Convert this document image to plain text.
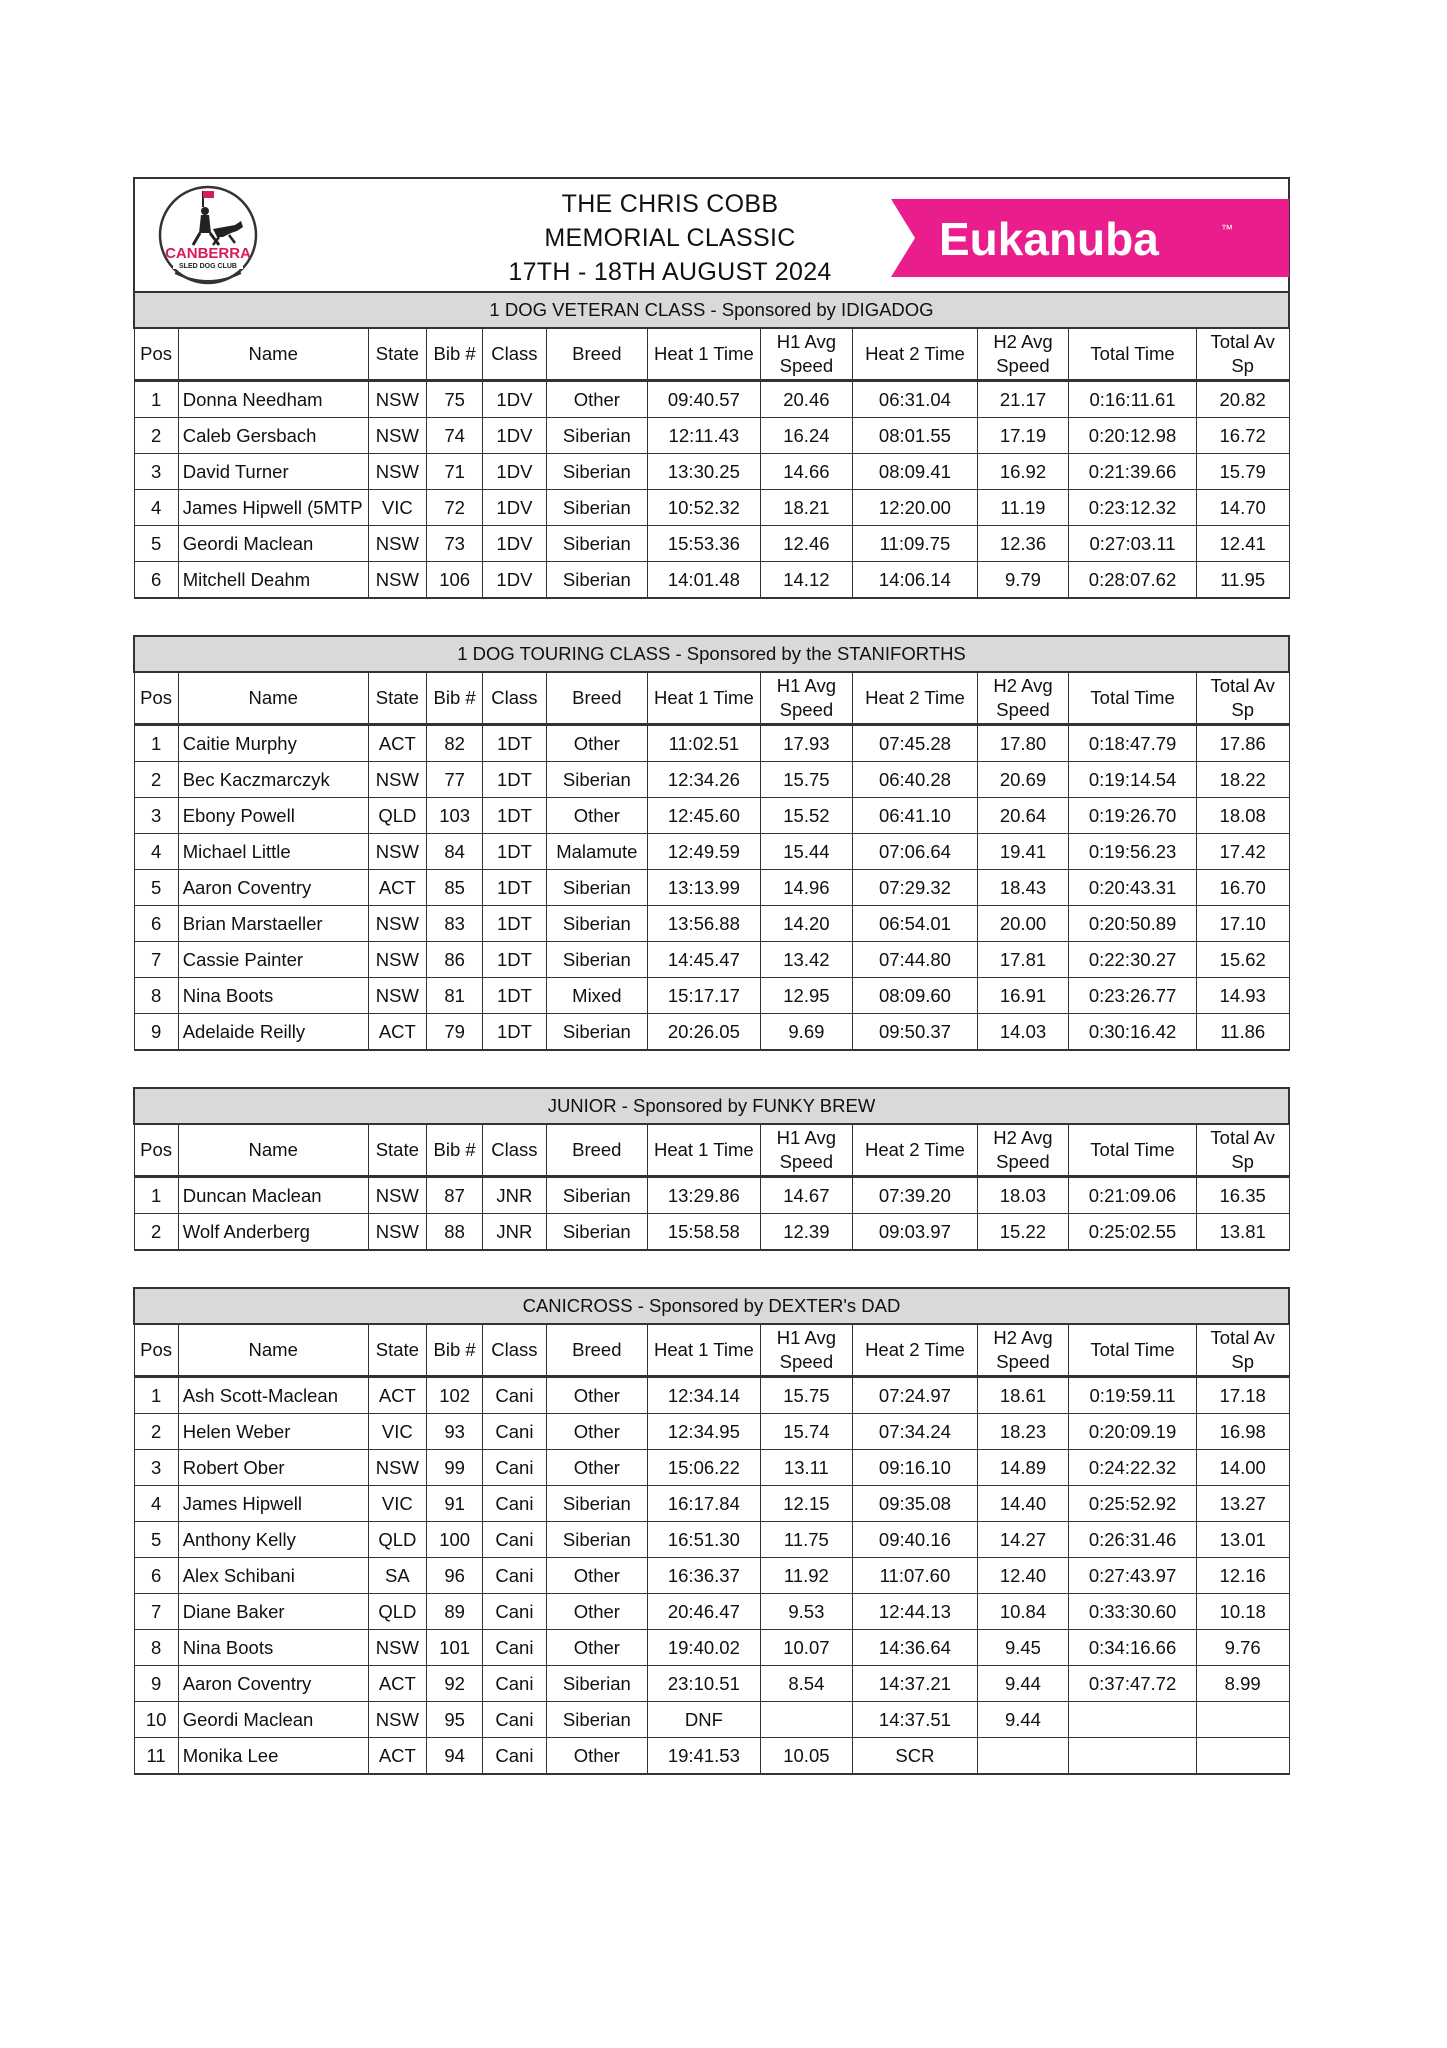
CANBERRA
SLED DOG CLUB
THE CHRIS COBB
MEMORIAL CLASSIC
17TH - 18TH AUGUST 2024
Eukanuba	™
1 DOG VETERAN CLASS - Sponsored by IDIGADOG											
Pos	Name	State	Bib #	Class	Breed	Heat 1 Time	H1 Avg Speed	Heat 2 Time	H2 Avg Speed	Total Time	Total Av Sp
1	Donna Needham	NSW	75	1DV	Other	09:40.57	20.46	06:31.04	21.17	0:16:11.61	20.82
2	Caleb Gersbach	NSW	74	1DV	Siberian	12:11.43	16.24	08:01.55	17.19	0:20:12.98	16.72
3	David Turner	NSW	71	1DV	Siberian	13:30.25	14.66	08:09.41	16.92	0:21:39.66	15.79
4	James Hipwell (5MTP	VIC	72	1DV	Siberian	10:52.32	18.21	12:20.00	11.19	0:23:12.32	14.70
5	Geordi Maclean	NSW	73	1DV	Siberian	15:53.36	12.46	11:09.75	12.36	0:27:03.11	12.41
6	Mitchell Deahm	NSW	106	1DV	Siberian	14:01.48	14.12	14:06.14	9.79	0:28:07.62	11.95
1 DOG TOURING CLASS - Sponsored by the STANIFORTHS											
Pos	Name	State	Bib #	Class	Breed	Heat 1 Time	H1 Avg Speed	Heat 2 Time	H2 Avg Speed	Total Time	Total Av Sp
1	Caitie Murphy	ACT	82	1DT	Other	11:02.51	17.93	07:45.28	17.80	0:18:47.79	17.86
2	Bec Kaczmarczyk	NSW	77	1DT	Siberian	12:34.26	15.75	06:40.28	20.69	0:19:14.54	18.22
3	Ebony Powell	QLD	103	1DT	Other	12:45.60	15.52	06:41.10	20.64	0:19:26.70	18.08
4	Michael Little	NSW	84	1DT	Malamute	12:49.59	15.44	07:06.64	19.41	0:19:56.23	17.42
5	Aaron Coventry	ACT	85	1DT	Siberian	13:13.99	14.96	07:29.32	18.43	0:20:43.31	16.70
6	Brian Marstaeller	NSW	83	1DT	Siberian	13:56.88	14.20	06:54.01	20.00	0:20:50.89	17.10
7	Cassie Painter	NSW	86	1DT	Siberian	14:45.47	13.42	07:44.80	17.81	0:22:30.27	15.62
8	Nina Boots	NSW	81	1DT	Mixed	15:17.17	12.95	08:09.60	16.91	0:23:26.77	14.93
9	Adelaide Reilly	ACT	79	1DT	Siberian	20:26.05	9.69	09:50.37	14.03	0:30:16.42	11.86
JUNIOR - Sponsored by FUNKY BREW											
Pos	Name	State	Bib #	Class	Breed	Heat 1 Time	H1 Avg Speed	Heat 2 Time	H2 Avg Speed	Total Time	Total Av Sp
1	Duncan Maclean	NSW	87	JNR	Siberian	13:29.86	14.67	07:39.20	18.03	0:21:09.06	16.35
2	Wolf Anderberg	NSW	88	JNR	Siberian	15:58.58	12.39	09:03.97	15.22	0:25:02.55	13.81
CANICROSS - Sponsored by DEXTER's DAD											
Pos	Name	State	Bib #	Class	Breed	Heat 1 Time	H1 Avg Speed	Heat 2 Time	H2 Avg Speed	Total Time	Total Av Sp
1	Ash Scott-Maclean	ACT	102	Cani	Other	12:34.14	15.75	07:24.97	18.61	0:19:59.11	17.18
2	Helen Weber	VIC	93	Cani	Other	12:34.95	15.74	07:34.24	18.23	0:20:09.19	16.98
3	Robert Ober	NSW	99	Cani	Other	15:06.22	13.11	09:16.10	14.89	0:24:22.32	14.00
4	James Hipwell	VIC	91	Cani	Siberian	16:17.84	12.15	09:35.08	14.40	0:25:52.92	13.27
5	Anthony Kelly	QLD	100	Cani	Siberian	16:51.30	11.75	09:40.16	14.27	0:26:31.46	13.01
6	Alex Schibani	SA	96	Cani	Other	16:36.37	11.92	11:07.60	12.40	0:27:43.97	12.16
7	Diane Baker	QLD	89	Cani	Other	20:46.47	9.53	12:44.13	10.84	0:33:30.60	10.18
8	Nina Boots	NSW	101	Cani	Other	19:40.02	10.07	14:36.64	9.45	0:34:16.66	9.76
9	Aaron Coventry	ACT	92	Cani	Siberian	23:10.51	8.54	14:37.21	9.44	0:37:47.72	8.99
10	Geordi Maclean	NSW	95	Cani	Siberian	DNF		14:37.51	9.44		
11	Monika Lee	ACT	94	Cani	Other	19:41.53	10.05	SCR			
